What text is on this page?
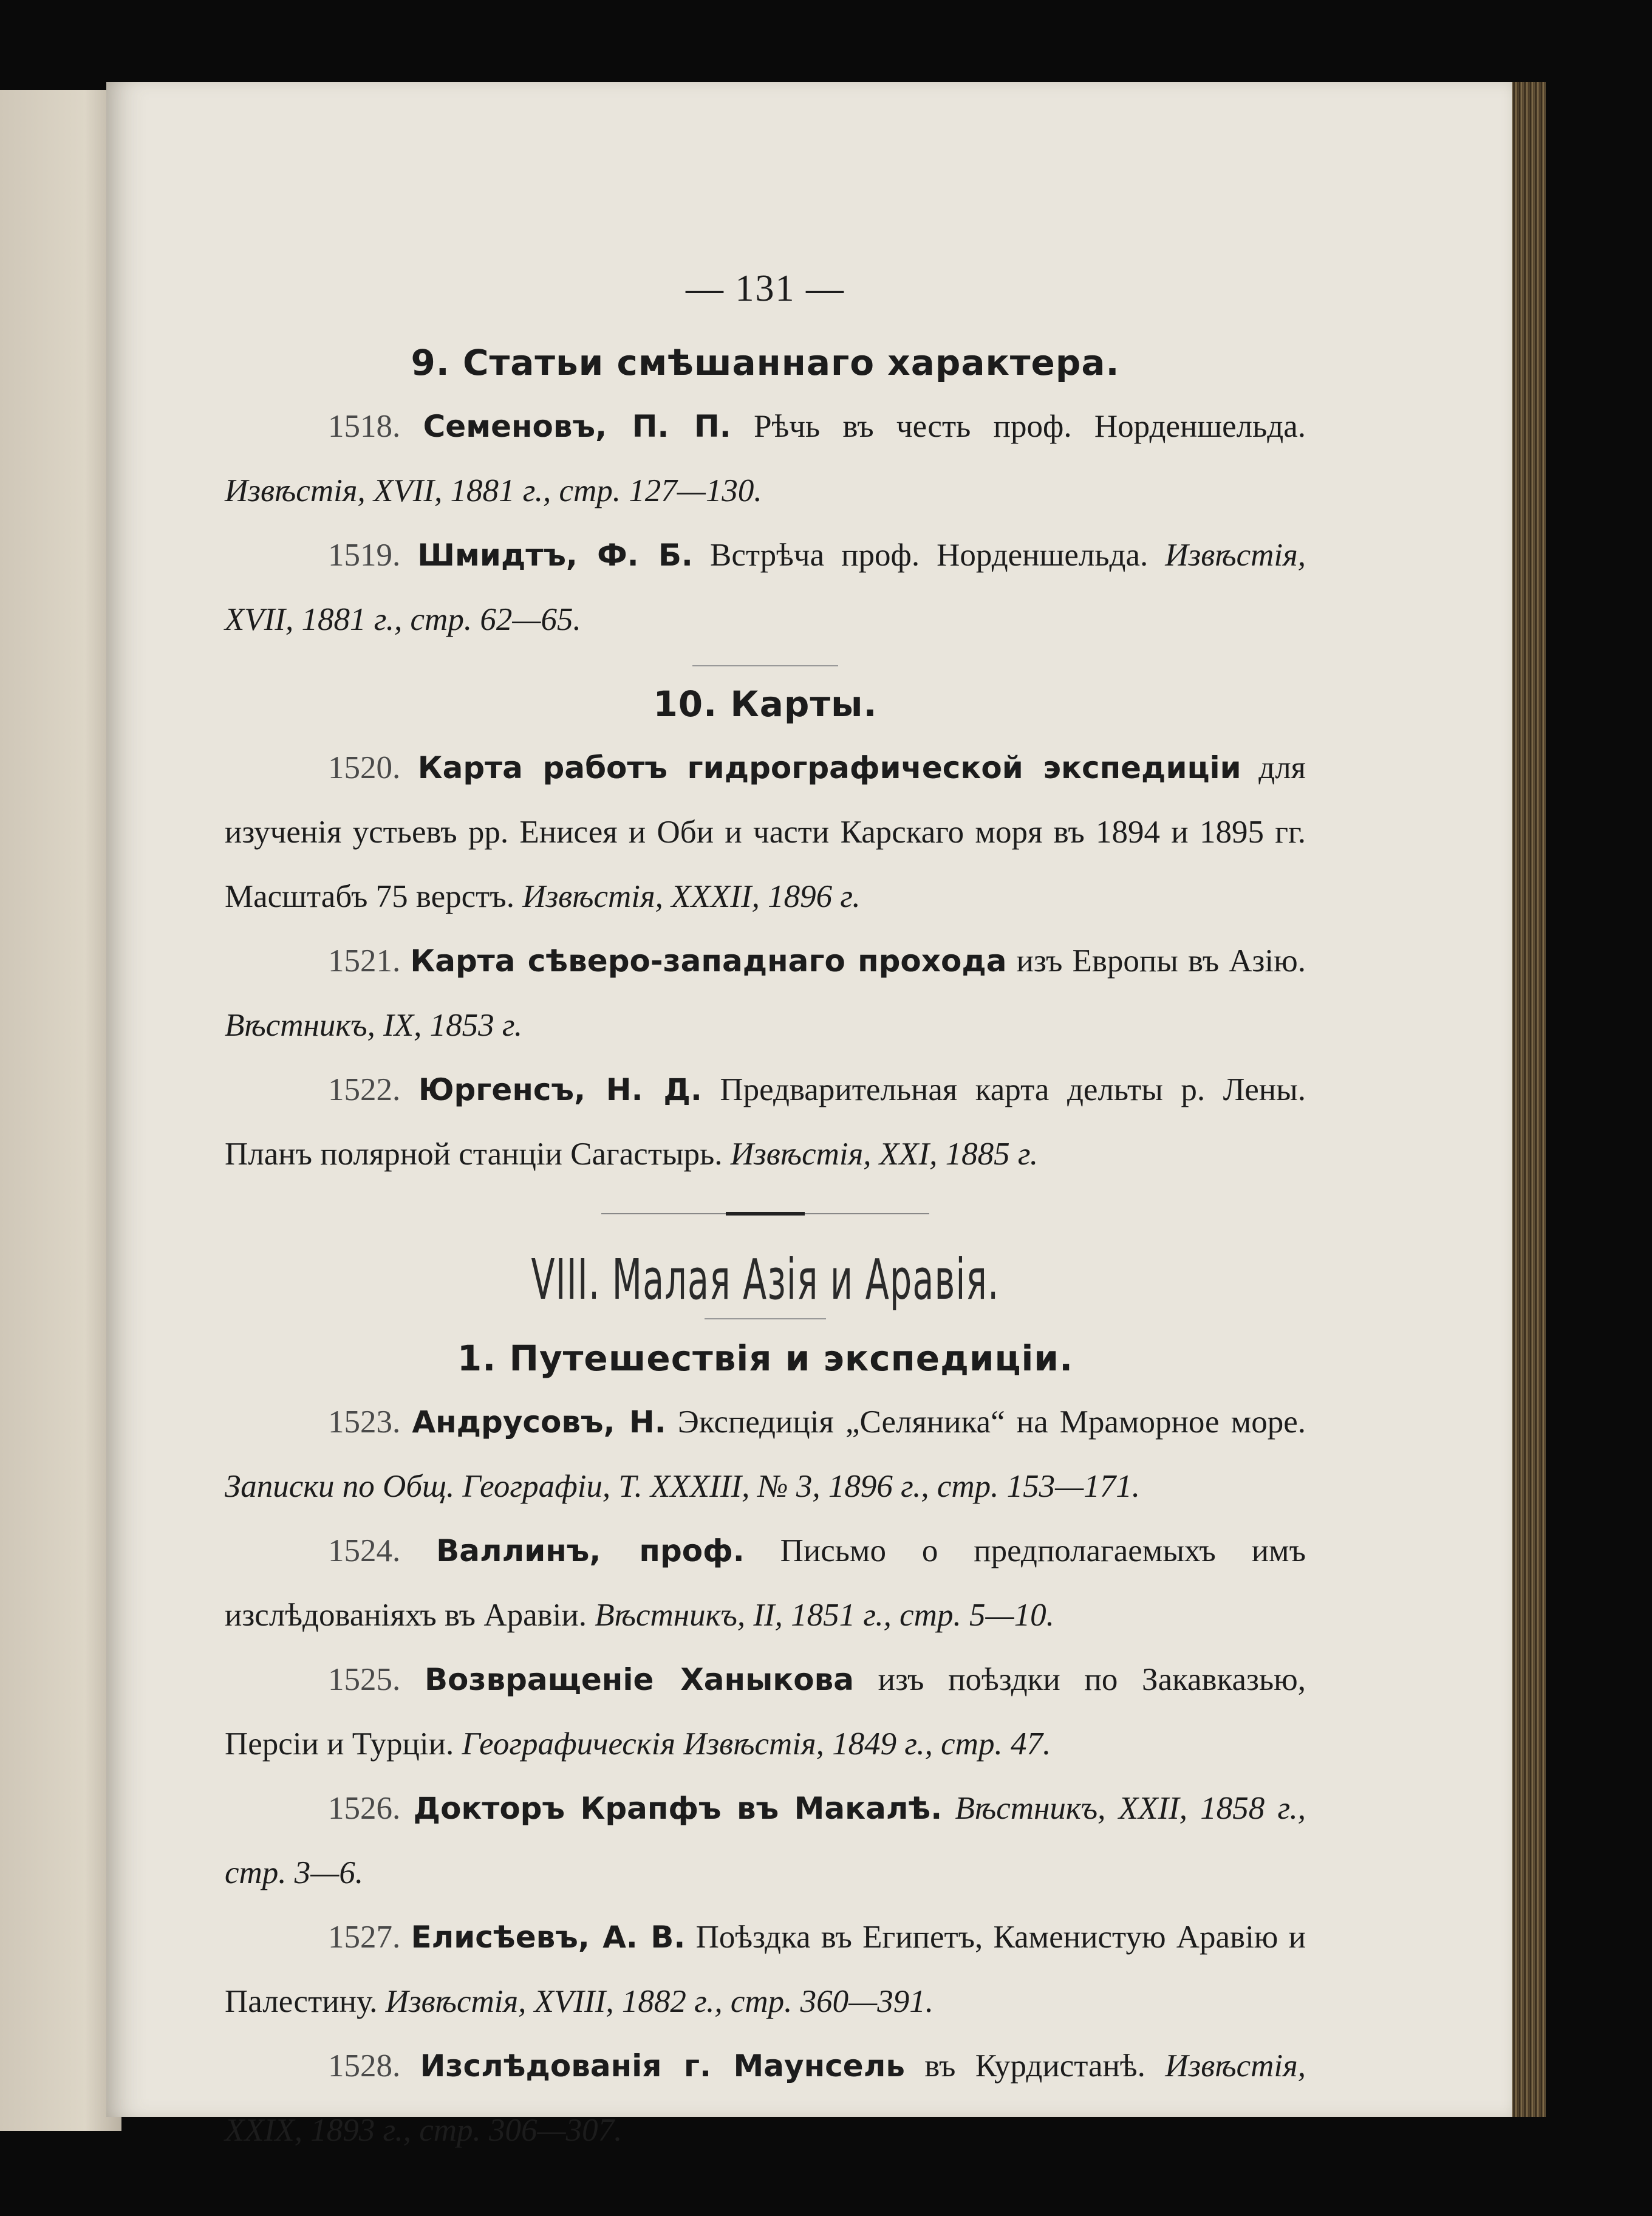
— 131 —
9. Статьи смѣшаннаго характера.

1518. Семеновъ, П. П. Рѣчь въ честь проф. Норденшельда. Извѣстія, XVII, 1881 г., стр. 127—130.

1519. Шмидтъ, Ф. Б. Встрѣча проф. Норденшельда. Извѣстія, XVII, 1881 г., стр. 62—65.

10. Карты.

1520. Карта работъ гидрографической экспедиціи для изученія устьевъ рр. Енисея и Оби и части Карскаго моря въ 1894 и 1895 гг. Масштабъ 75 верстъ. Извѣстія, XXXII, 1896 г.

1521. Карта сѣверо-западнаго прохода изъ Европы въ Азію. Вѣстникъ, IX, 1853 г.

1522. Юргенсъ, Н. Д. Предварительная карта дельты р. Лены. Планъ полярной станціи Сагастырь. Извѣстія, XXI, 1885 г.

VIII. Малая Азія и Аравія.
1. Путешествія и экспедиціи.

1523. Андрусовъ, Н. Экспедиція „Селяника“ на Мраморное море. Записки по Общ. Географіи, Т. XXXIII, № 3, 1896 г., стр. 153—171.

1524. Валлинъ, проф. Письмо о предполагаемыхъ имъ изслѣдованіяхъ въ Аравіи. Вѣстникъ, II, 1851 г., стр. 5—10.

1525. Возвращеніе Ханыкова изъ поѣздки по Закавказью, Персіи и Турціи. Географическія Извѣстія, 1849 г., стр. 47.

1526. Докторъ Крапфъ въ Макалѣ. Вѣстникъ, XXII, 1858 г., стр. 3—6.

1527. Елисѣевъ, А. В. Поѣздка въ Египетъ, Каменистую Аравію и Палестину. Извѣстія, XVIII, 1882 г., стр. 360—391.

1528. Изслѣдованія г. Маунсель въ Курдистанѣ. Извѣстія, XXIX, 1893 г., стр. 306—307.
